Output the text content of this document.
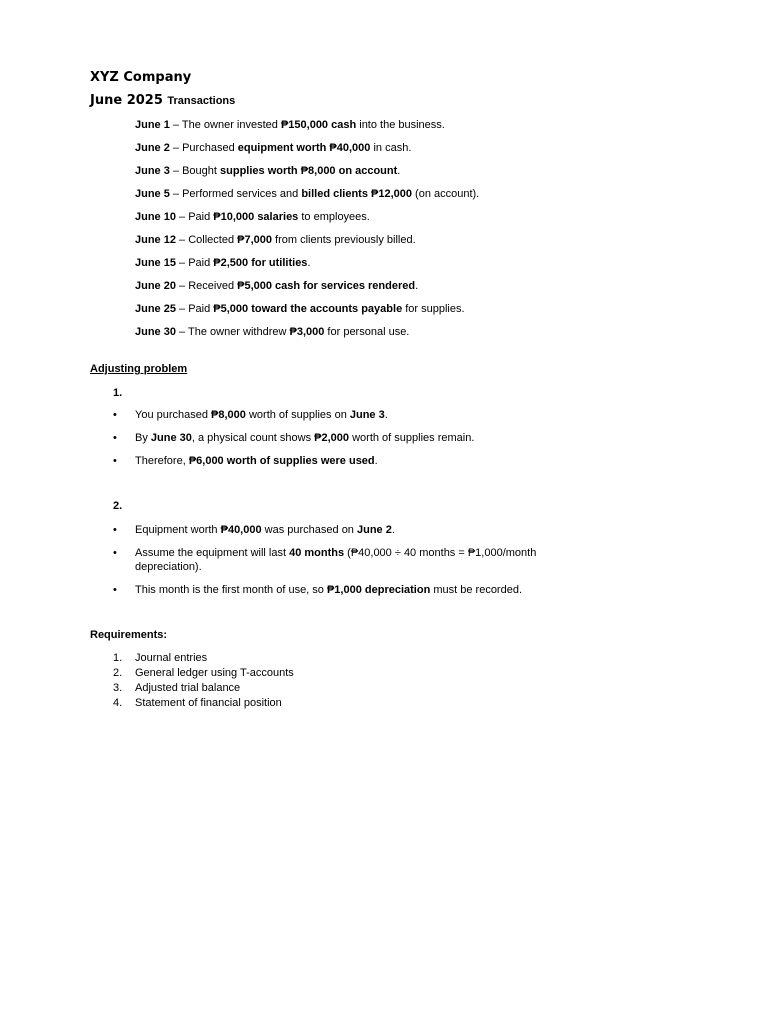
XYZ Company
June 2025 Transactions
June 1 – The owner invested ₱150,000 cash into the business.
June 2 – Purchased equipment worth ₱40,000 in cash.
June 3 – Bought supplies worth ₱8,000 on account.
June 5 – Performed services and billed clients ₱12,000 (on account).
June 10 – Paid ₱10,000 salaries to employees.
June 12 – Collected ₱7,000 from clients previously billed.
June 15 – Paid ₱2,500 for utilities.
June 20 – Received ₱5,000 cash for services rendered.
June 25 – Paid ₱5,000 toward the accounts payable for supplies.
June 30 – The owner withdrew ₱3,000 for personal use.
Adjusting problem
1.
• You purchased ₱8,000 worth of supplies on June 3.
• By June 30, a physical count shows ₱2,000 worth of supplies remain.
• Therefore, ₱6,000 worth of supplies were used.
2.
• Equipment worth ₱40,000 was purchased on June 2.
• Assume the equipment will last 40 months (₱40,000 ÷ 40 months = ₱1,000/month depreciation).
• This month is the first month of use, so ₱1,000 depreciation must be recorded.
Requirements:
1. Journal entries
2. General ledger using T-accounts
3. Adjusted trial balance
4. Statement of financial position
